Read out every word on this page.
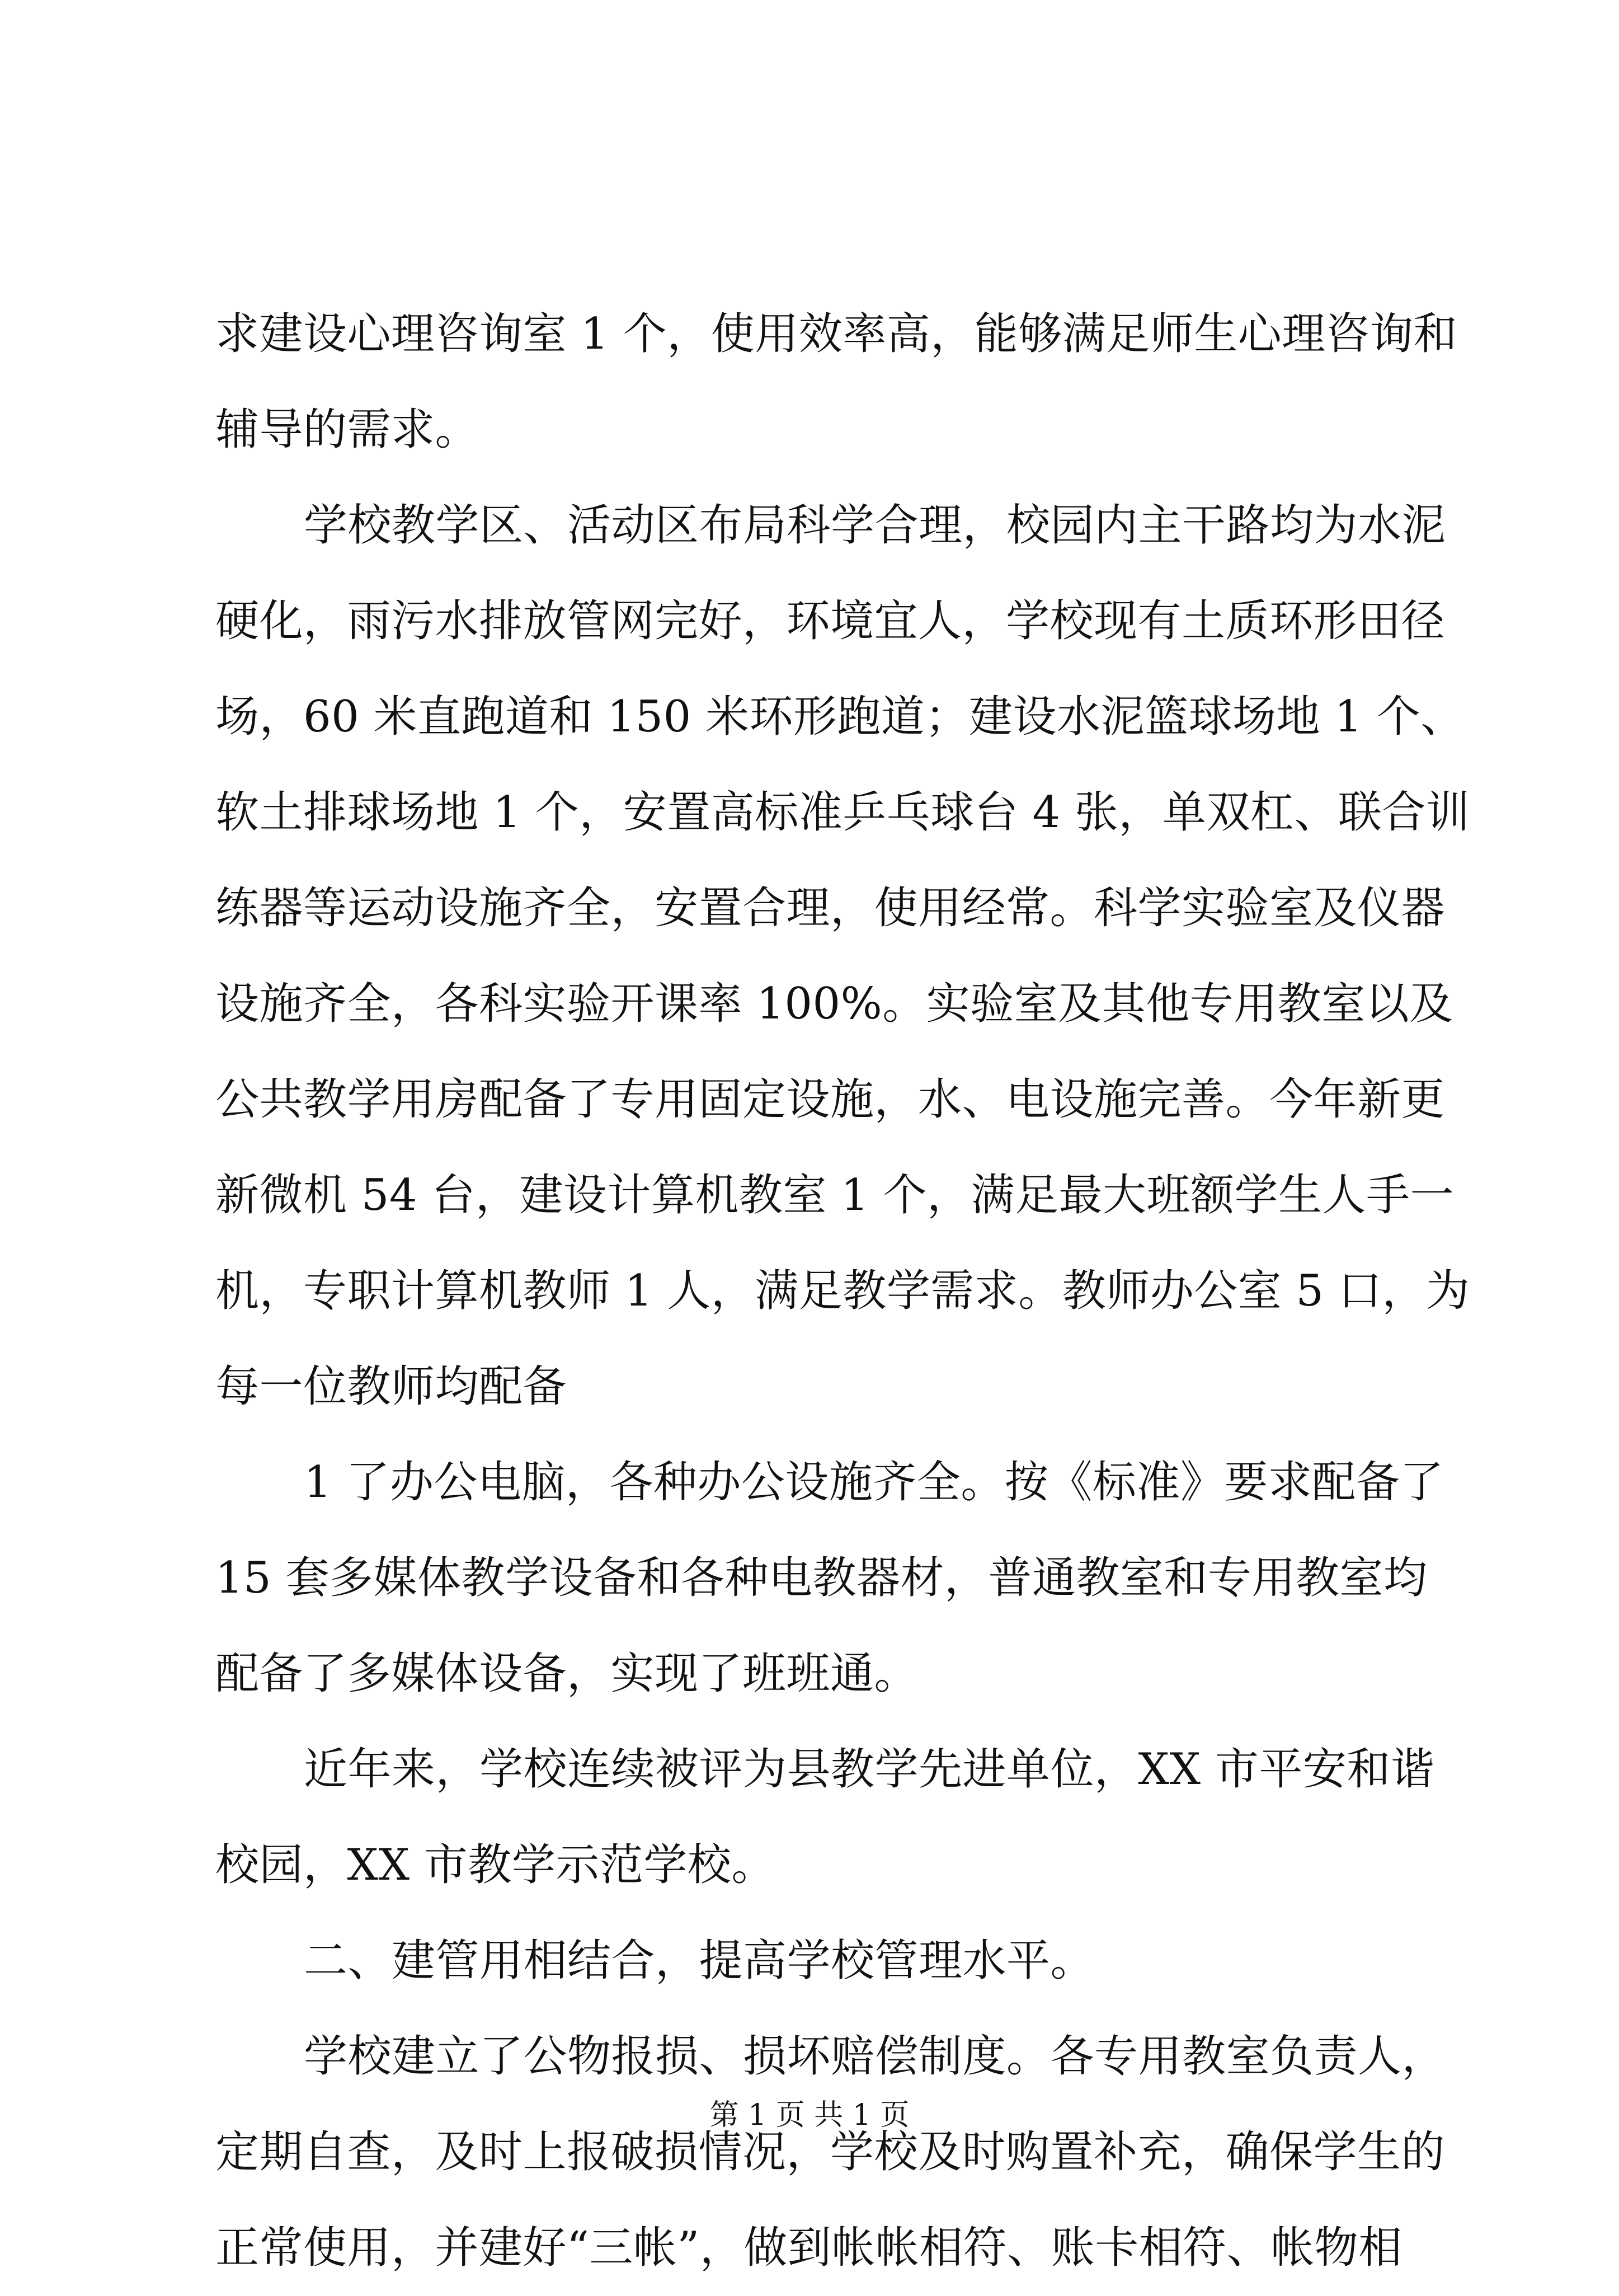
求建设心理咨询室 1 个，使用效率高，能够满足师生心理咨询和
辅导的需求。
学校教学区、活动区布局科学合理，校园内主干路均为水泥
硬化，雨污水排放管网完好，环境宜人，学校现有土质环形田径
场，60 米直跑道和 150 米环形跑道；建设水泥篮球场地 1 个、
软土排球场地 1 个，安置高标准乒乓球台 4 张，单双杠、联合训
练器等运动设施齐全，安置合理，使用经常。科学实验室及仪器
设施齐全，各科实验开课率 100%。实验室及其他专用教室以及
公共教学用房配备了专用固定设施，水、电设施完善。今年新更
新微机 54 台，建设计算机教室 1 个，满足最大班额学生人手一
机，专职计算机教师 1 人，满足教学需求。教师办公室 5 口，为
每一位教师均配备
1 了办公电脑，各种办公设施齐全。按《标准》要求配备了
15 套多媒体教学设备和各种电教器材，普通教室和专用教室均
配备了多媒体设备，实现了班班通。
近年来，学校连续被评为县教学先进单位，XX 市平安和谐
校园，XX 市教学示范学校。
二、建管用相结合，提高学校管理水平。
学校建立了公物报损、损坏赔偿制度。各专用教室负责人，
定期自查，及时上报破损情况，学校及时购置补充，确保学生的
正常使用，并建好“三帐”，做到帐帐相符、账卡相符、帐物相
第 1 页 共 1 页
